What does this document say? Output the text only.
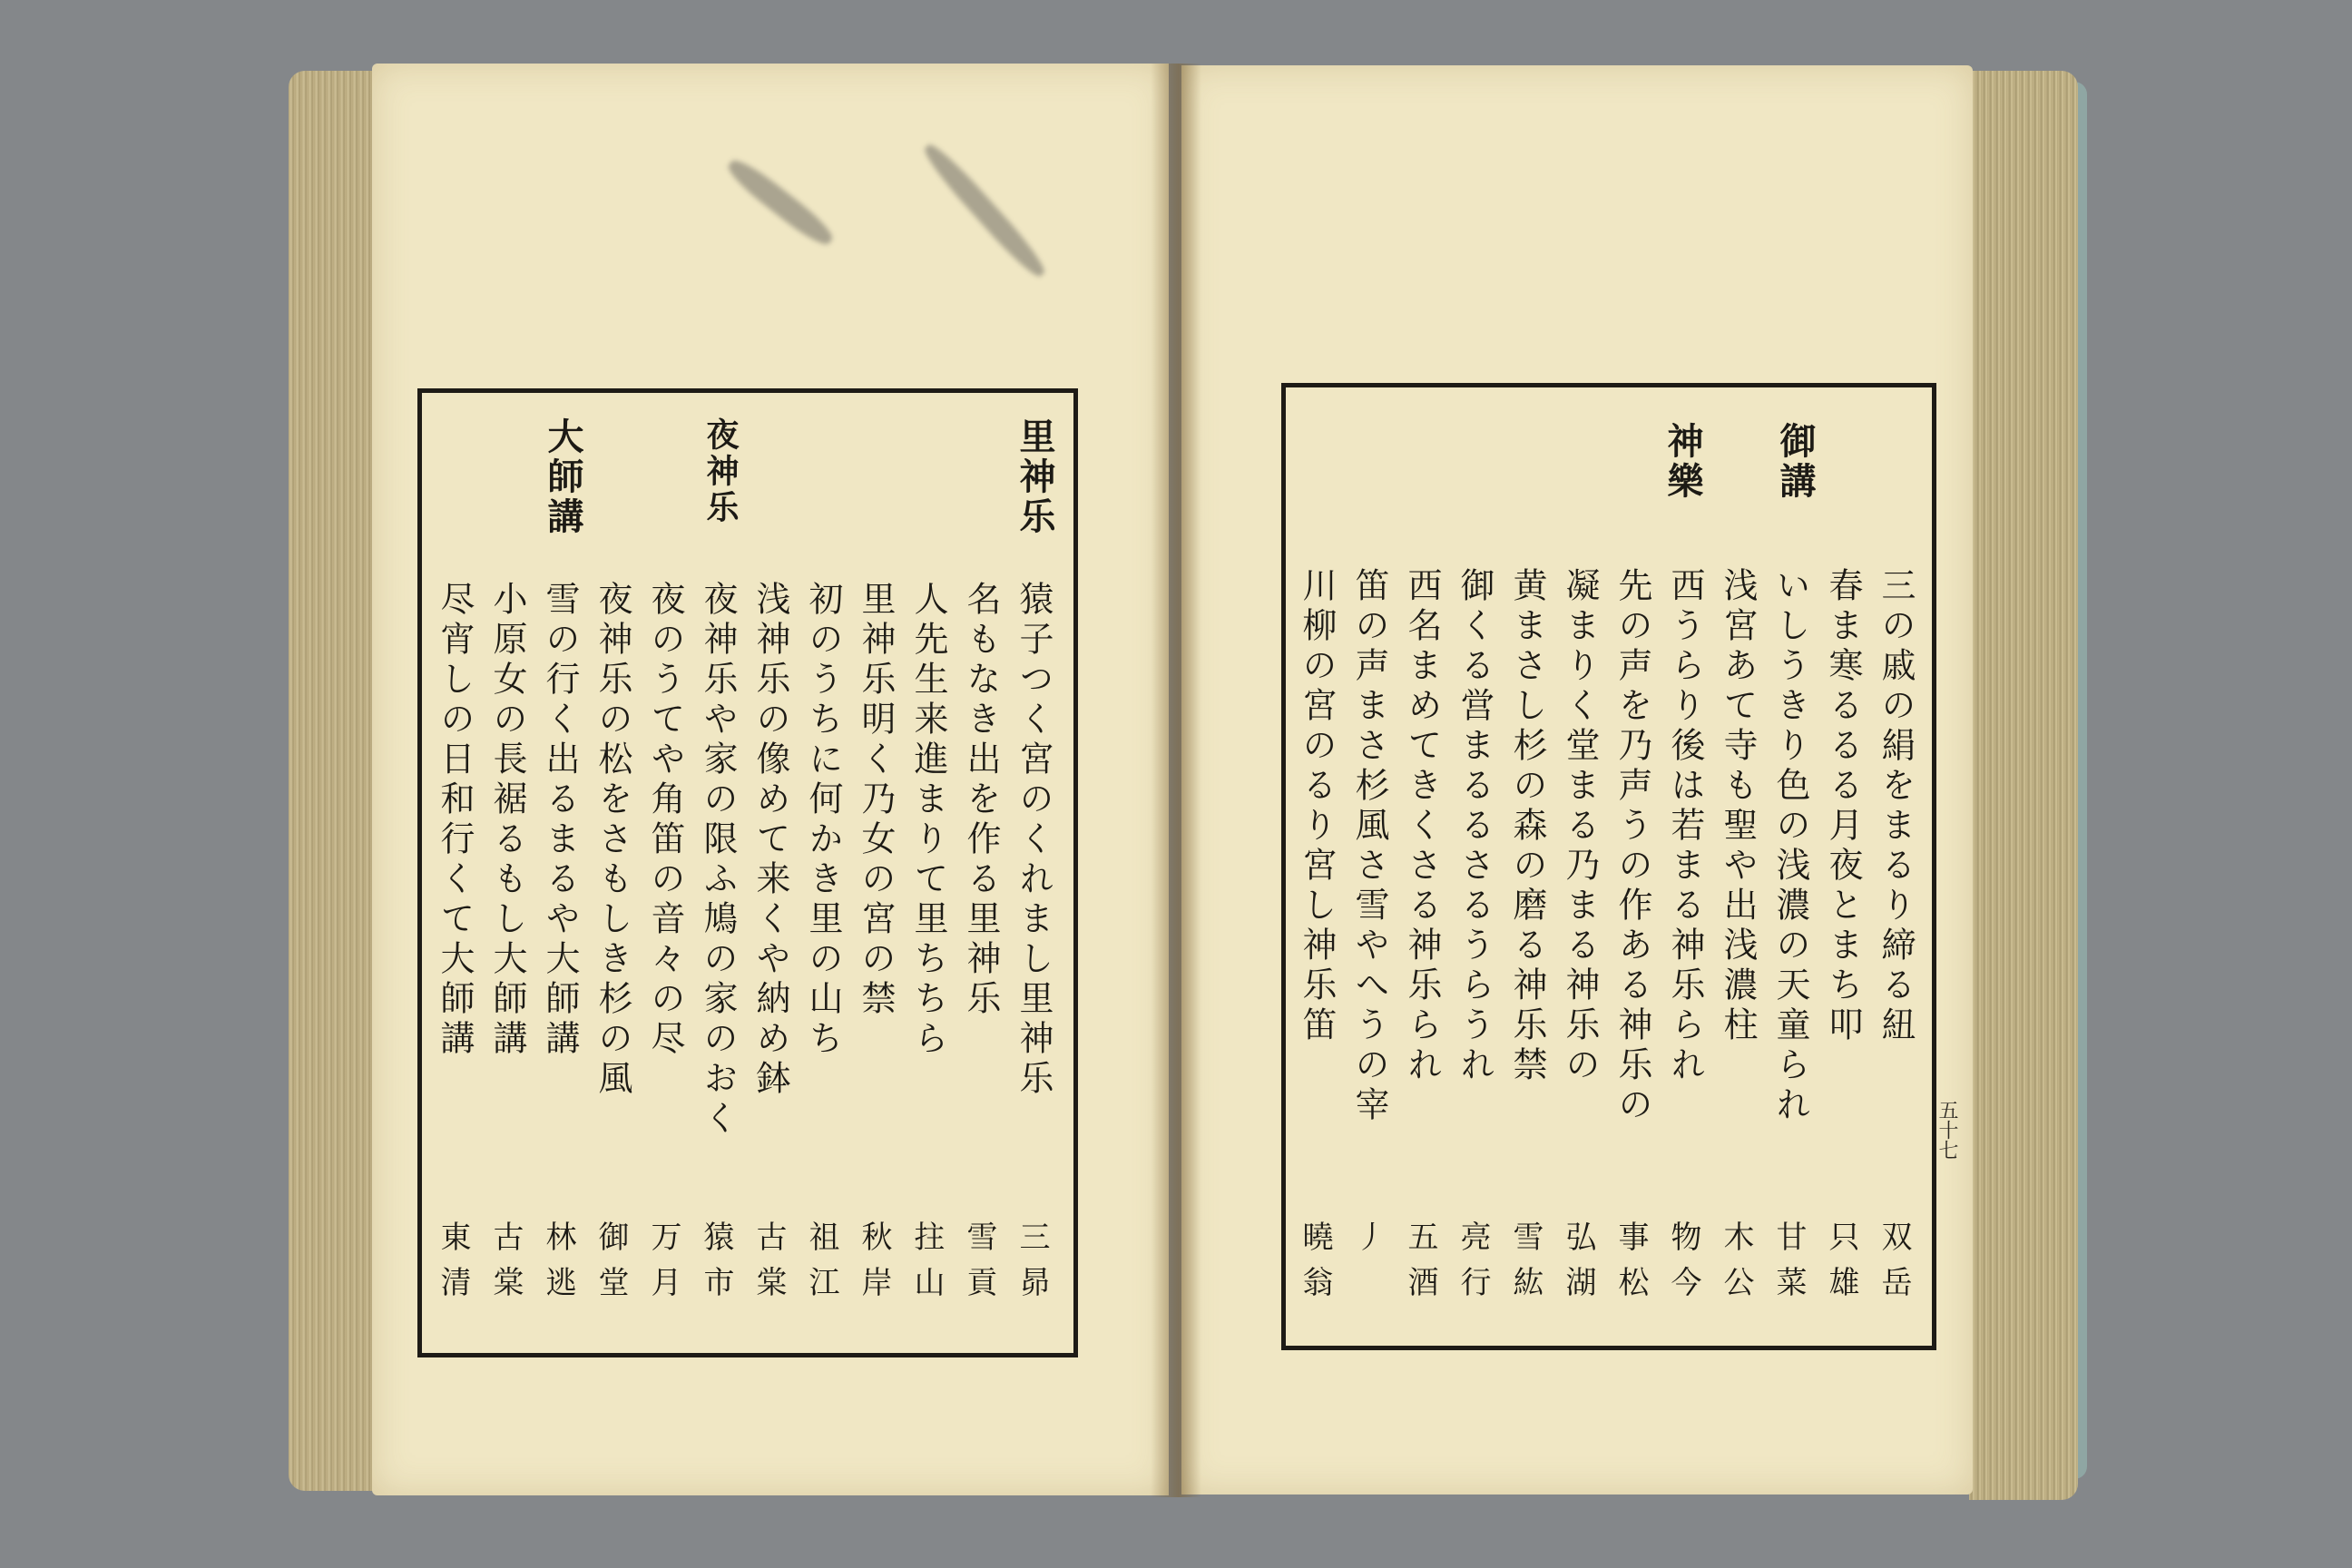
里神乐
夜神乐
大師講
猿子つく宮のくれまし里神乐
三昴
名もなき出を作る里神乐
雪貢
人先生来進まりて里ちちら
拄山
里神乐明く乃女の宮の禁
秋岸
初のうちに何かき里の山ち
祖江
浅神乐の像めて来くや納め鉢
古棠
夜神乐や家の限ふ鳩の家のおく
猿市
夜のうてや角笛の音々の尽
万月
夜神乐の松をさもしき杉の風
御堂
雪の行く出るまるや大師講
林逃
小原女の長裾るもし大師講
古棠
尽宵しの日和行くて大師講
東清
御講
神樂
三の戚の絹をまるり締る紐
双岳
春ま寒るるる月夜とまち叩
只雄
いしうきり色の浅濃の天童られ
甘菜
浅宮あて寺も聖や出浅濃柱
木公
西うらり後は若まる神乐られ
物今
先の声を乃声うの作ある神乐の
事松
凝まりく堂まる乃まる神乐の
弘湖
黄まさし杉の森の磨る神乐禁
雪紘
御くる営まるるさるうらうれ
亮行
西名まめてきくさる神乐られ
五酒
笛の声まさ杉風さ雪やへうの宰
丿
川柳の宮のるり宮し神乐笛
曉翁
五十七
